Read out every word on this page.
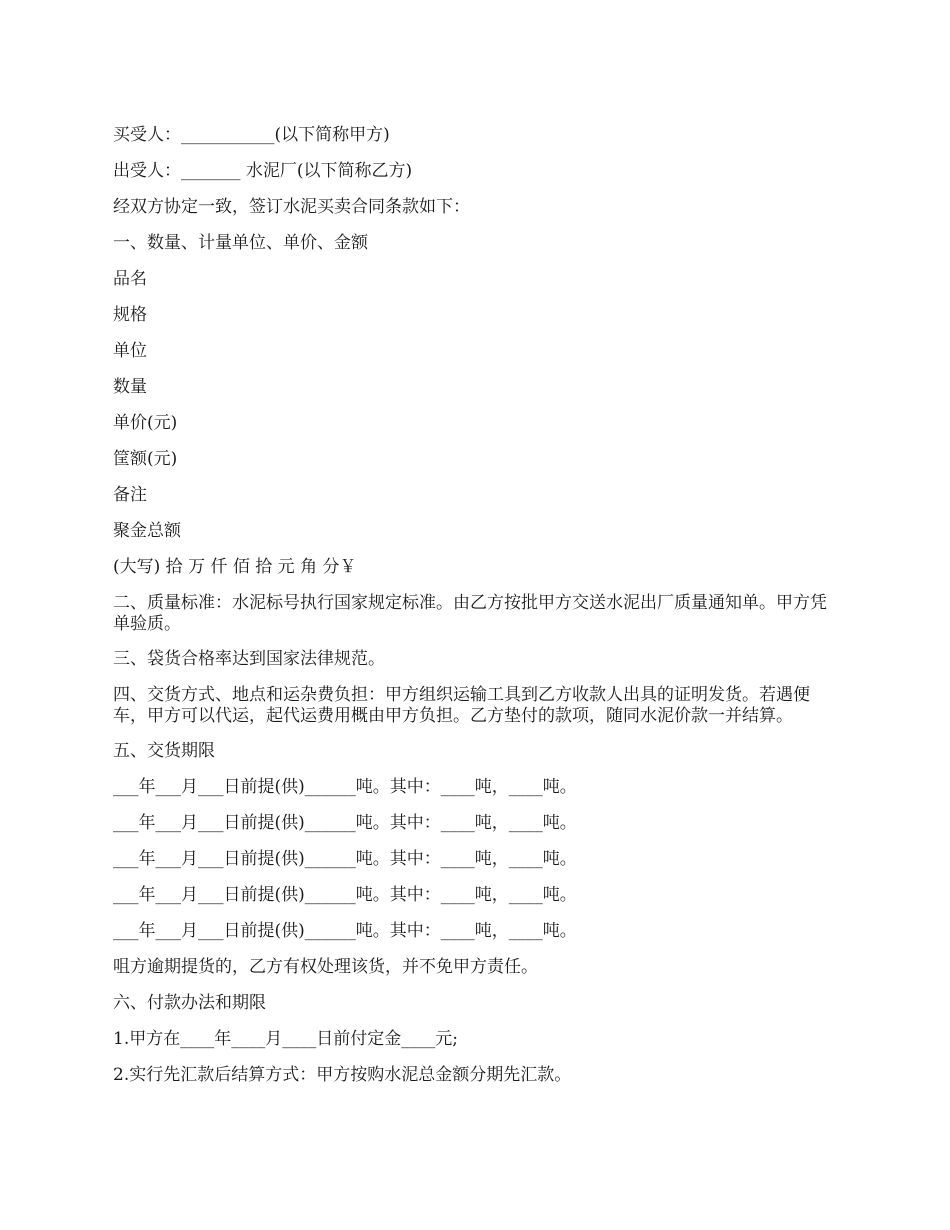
买受人：___________(以下简称甲方)
出受人：_______ 水泥厂(以下简称乙方)
经双方协定一致，签订水泥买卖合同条款如下：
一、数量、计量单位、单价、金额
品名
规格
单位
数量
单价(元)
筐额(元)
备注
聚金总额
(大写) 拾 万 仟 佰 拾 元 角 分￥
二、质量标准：水泥标号执行国家规定标准。由乙方按批甲方交送水泥出厂质量通知单。甲方凭单验质。
三、袋货合格率达到国家法律规范。
四、交货方式、地点和运杂费负担：甲方组织运输工具到乙方收款人出具的证明发货。若遇便车，甲方可以代运，起代运费用概由甲方负担。乙方垫付的款项，随同水泥价款一并结算。
五、交货期限
___年___月___日前提(供)______吨。其中：____吨，____吨。
___年___月___日前提(供)______吨。其中：____吨，____吨。
___年___月___日前提(供)______吨。其中：____吨，____吨。
___年___月___日前提(供)______吨。其中：____吨，____吨。
___年___月___日前提(供)______吨。其中：____吨，____吨。
咀方逾期提货的，乙方有权处理该货，并不免甲方责任。
六、付款办法和期限
1.甲方在____年____月____日前付定金____元;
2.实行先汇款后结算方式：甲方按购水泥总金额分期先汇款。
